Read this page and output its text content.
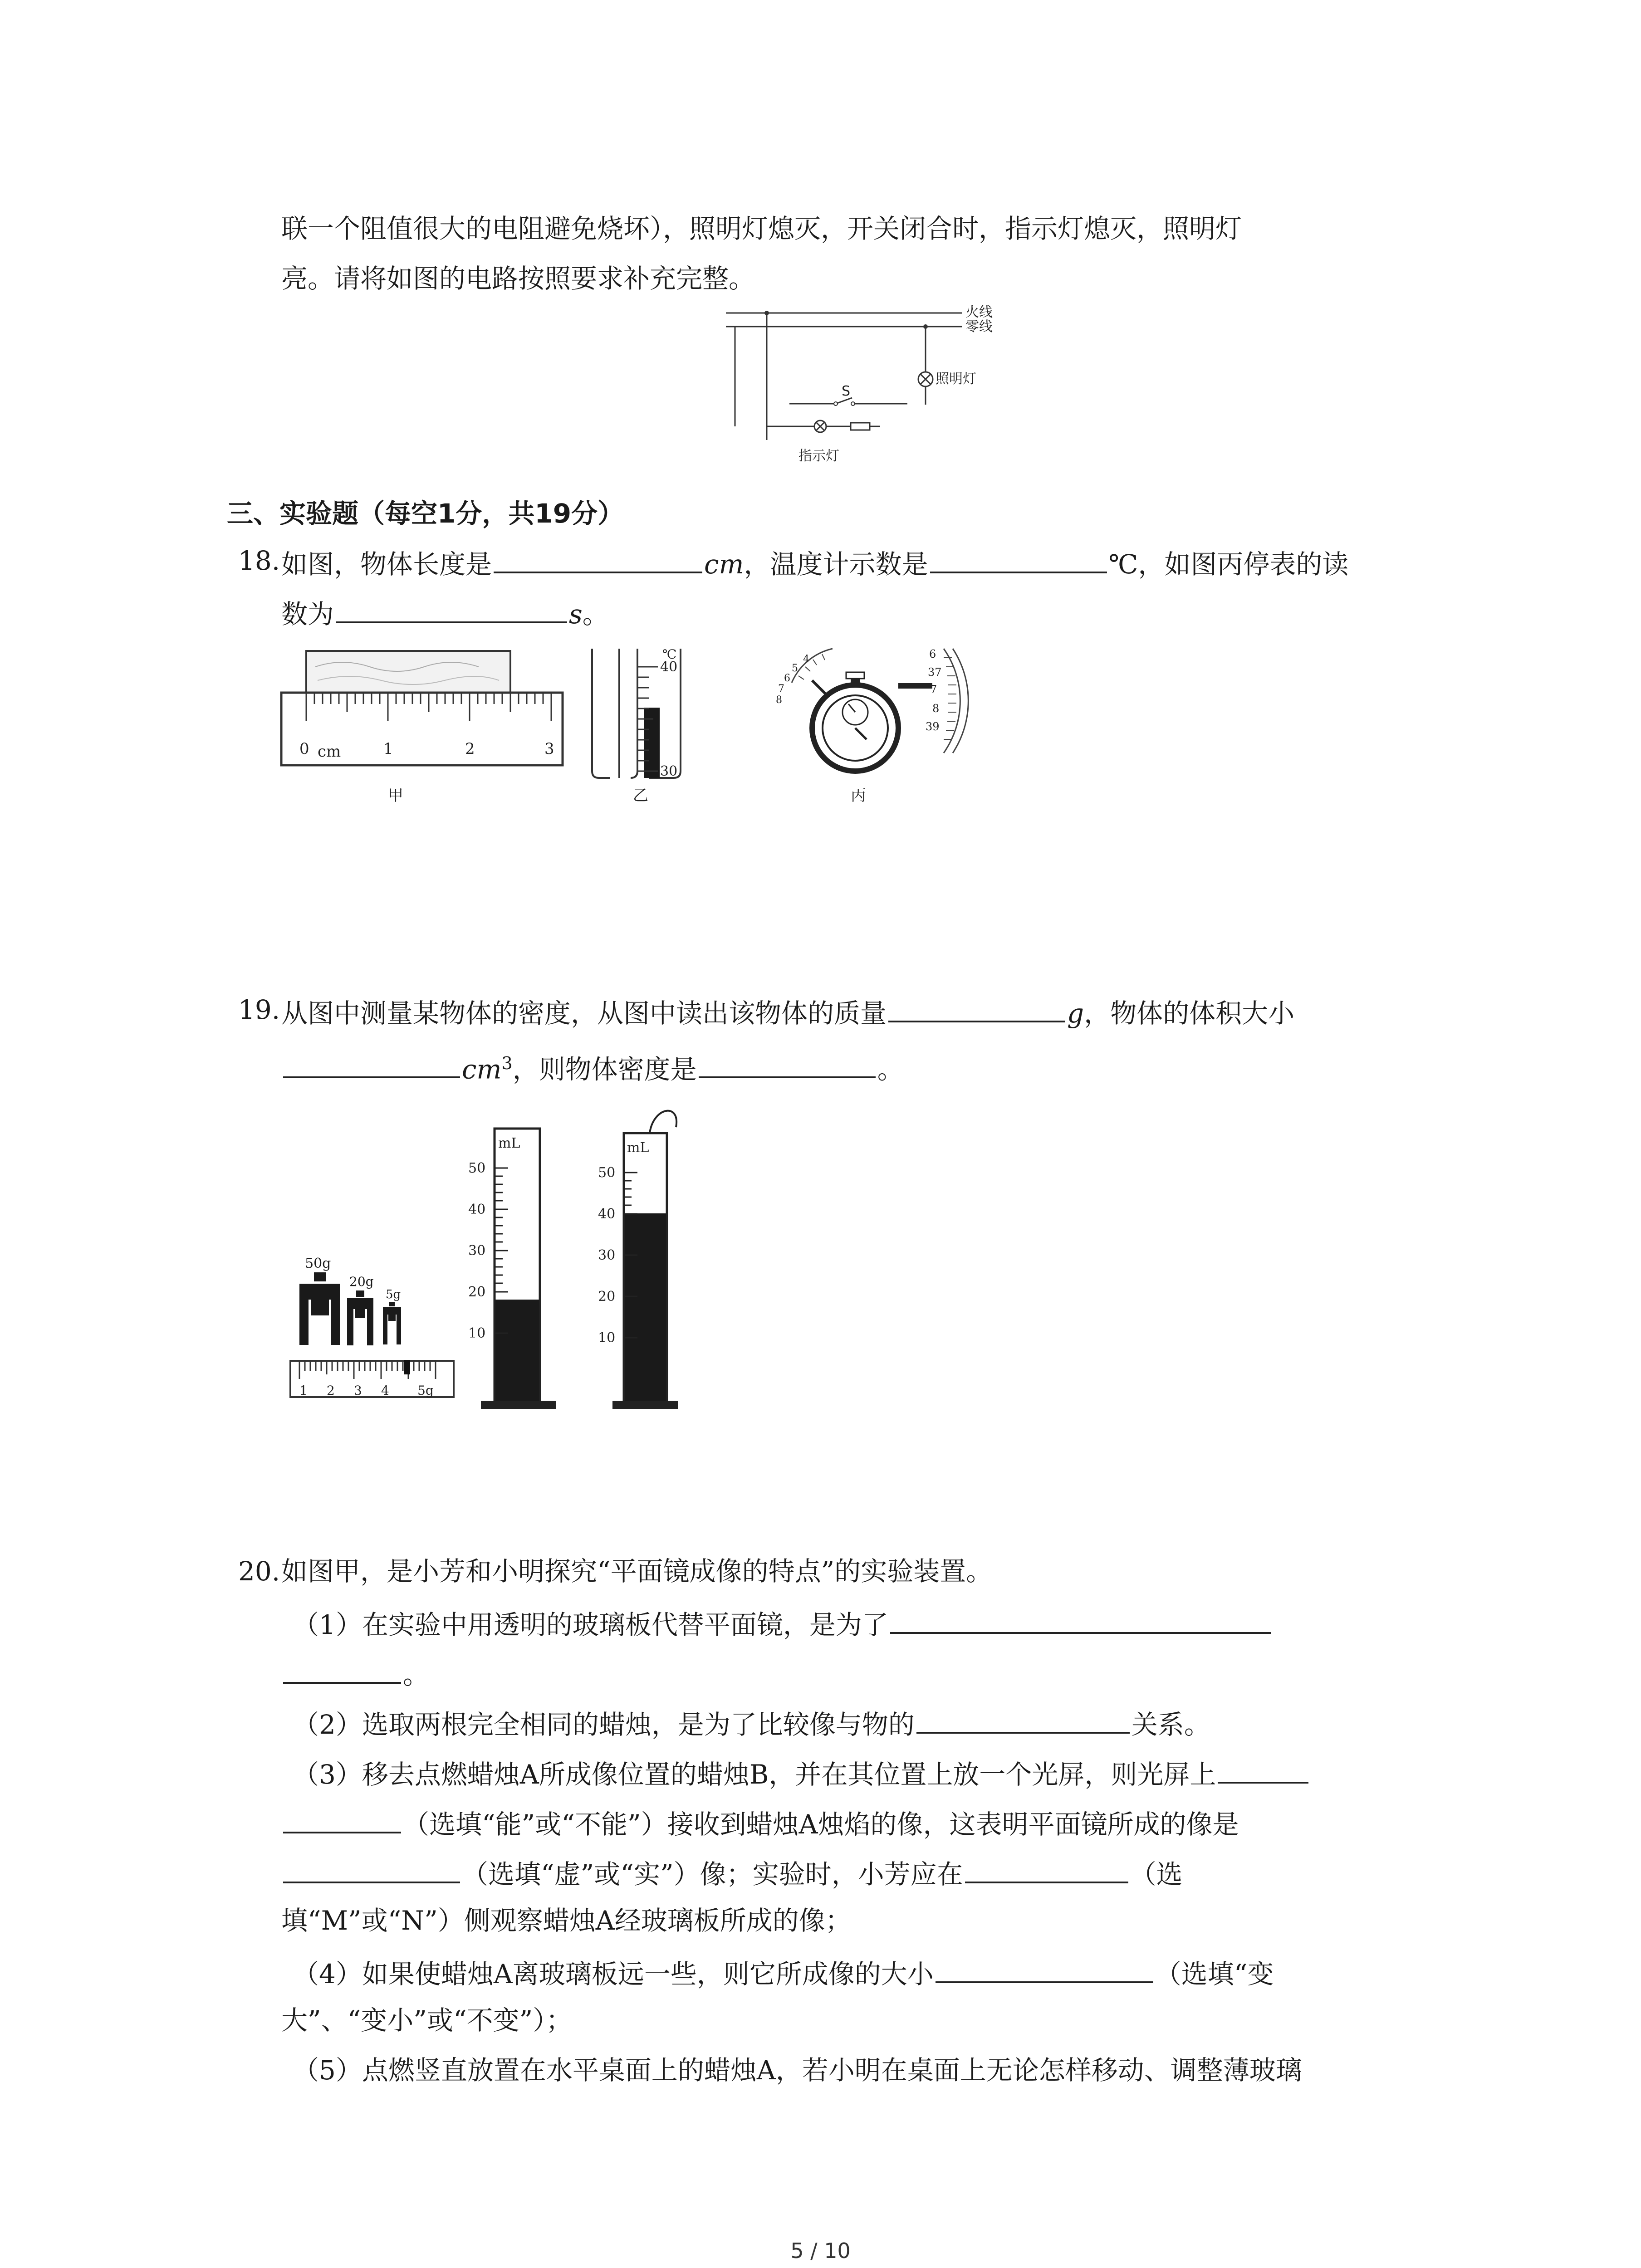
联一个阻值很大的电阻避免烧坏），照明灯熄灭，开关闭合时，指示灯熄灭，照明灯
亮。请将如图的电路按照要求补充完整。
火线
零线
S
照明灯
指示灯
三、实验题（每空1分，共19分）
18. 如图，物体长度是	cm，温度计示数是	℃，如图丙停表的读
数为	s。
0 cm	1	2	3
甲
℃
40
30
乙
4
5
6
7
8
6
37
7
8
39
丙
19. 从图中测量某物体的密度，从图中读出该物体的质量	g，物体的体积大小
$cm^3$，则物体密度是	。
50g
20g
5g
1 2 3 4 5g
mL
50
40
30
20
10
mL
50
40
30
20
10
20. 如图甲，是小芳和小明探究“平面镜成像的特点”的实验装置。
（1）在实验中用透明的玻璃板代替平面镜，是为了
。
（2）选取两根完全相同的蜡烛，是为了比较像与物的	关系。
（3）移去点燃蜡烛A所成像位置的蜡烛B，并在其位置上放一个光屏，则光屏上
（选填“能”或“不能”）接收到蜡烛A烛焰的像，这表明平面镜所成的像是
（选填“虚”或“实”）像；实验时，小芳应在	（选
填“M”或“N”）侧观察蜡烛A经玻璃板所成的像；
（4）如果使蜡烛A离玻璃板远一些，则它所成像的大小	（选填“变
大”、“变小”或“不变”）；
（5）点燃竖直放置在水平桌面上的蜡烛A，若小明在桌面上无论怎样移动、调整薄玻璃
5 / 10
